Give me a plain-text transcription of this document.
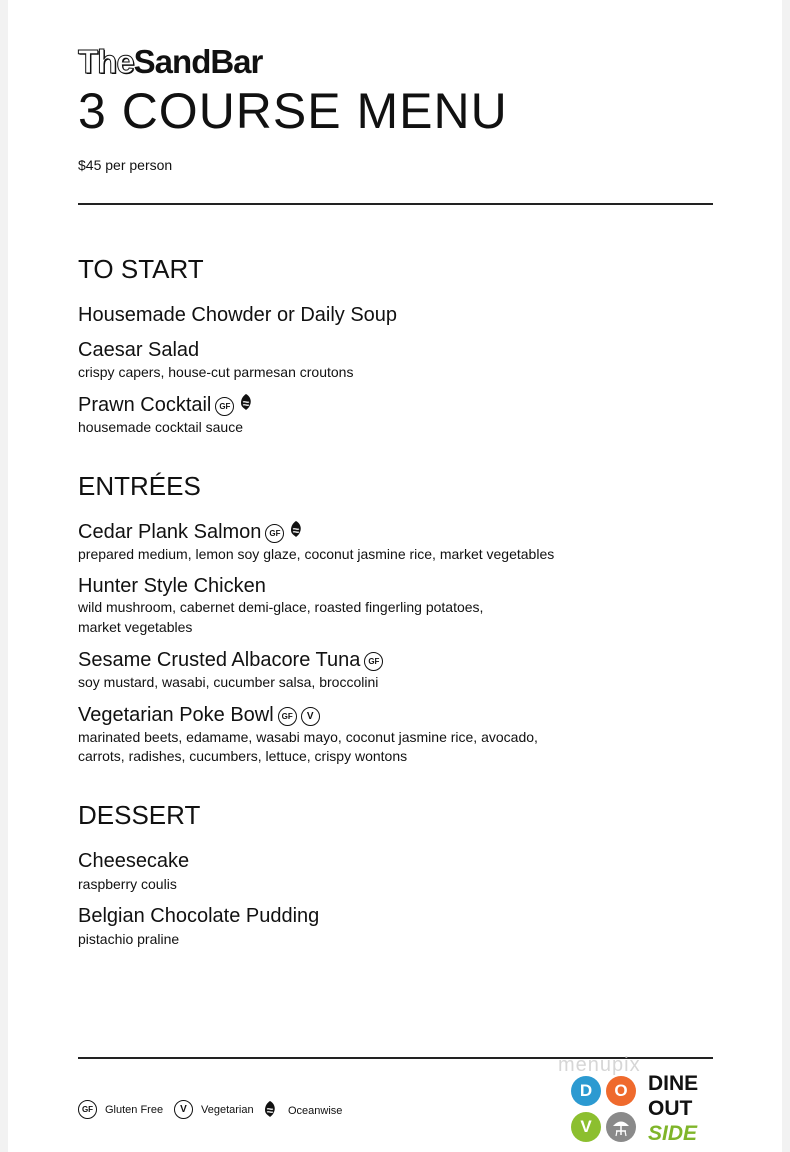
TheSandBar
3 COURSE MENU
$45 per person
TO START
Housemade Chowder or Daily Soup
Caesar Salad
crispy capers, house-cut parmesan croutons
Prawn Cocktail GF
housemade cocktail sauce
ENTRÉES
Cedar Plank Salmon GF
prepared medium, lemon soy glaze, coconut jasmine rice, market vegetables
Hunter Style Chicken
wild mushroom, cabernet demi-glace, roasted fingerling potatoes,
market vegetables
Sesame Crusted Albacore Tuna GF
soy mustard, wasabi, cucumber salsa, broccolini
Vegetarian Poke Bowl GF V
marinated beets, edamame, wasabi mayo, coconut jasmine rice, avocado,
carrots, radishes, cucumbers, lettuce, crispy wontons
DESSERT
Cheesecake
raspberry coulis
Belgian Chocolate Pudding
pistachio praline
GF	Gluten Free	V	Vegetarian	Oceanwise
menupix
D	O
V
DINE
OUT
SIDE
